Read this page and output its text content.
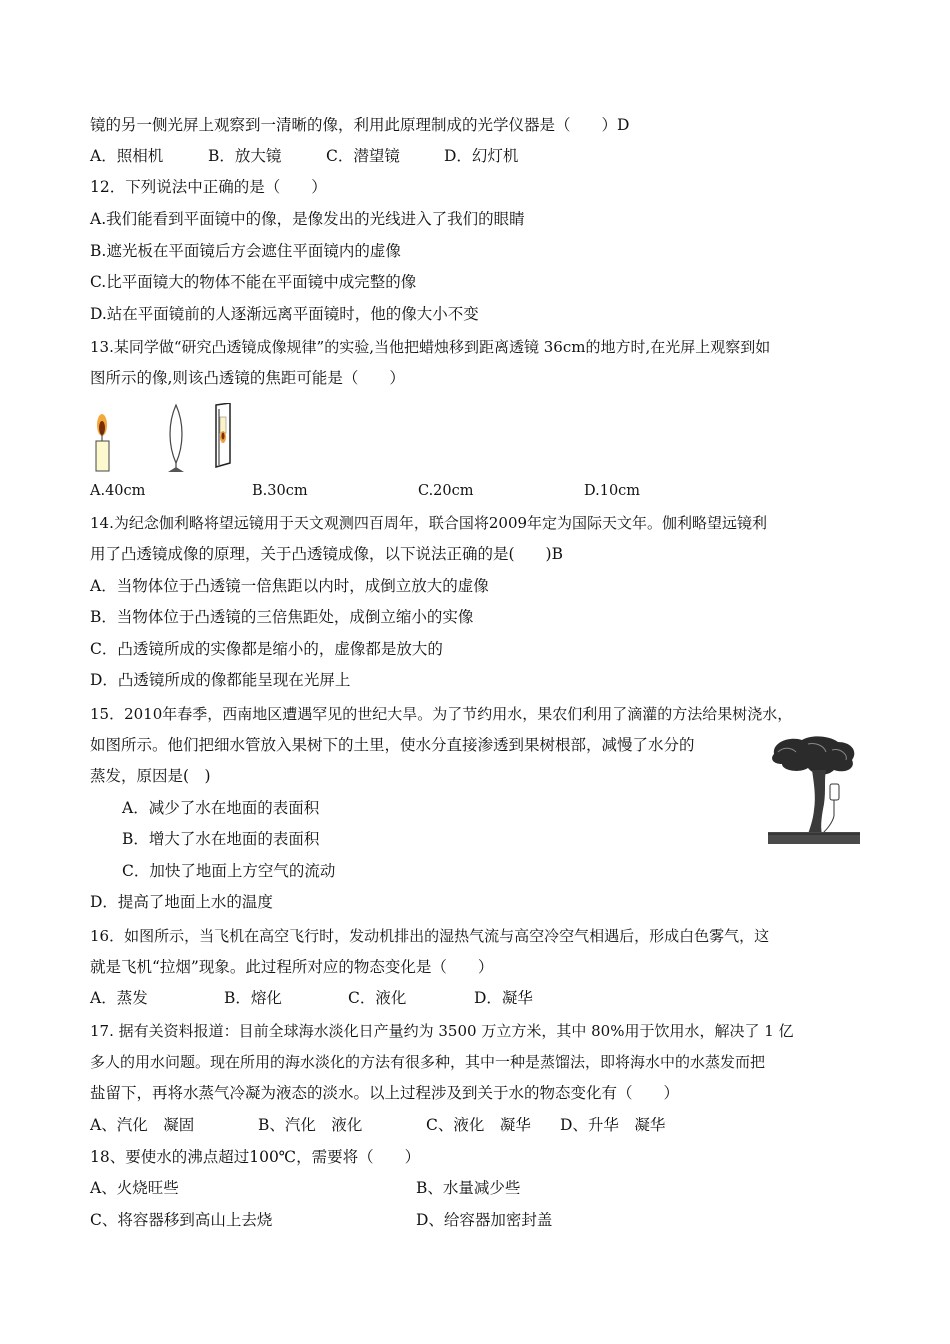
镜的另一侧光屏上观察到一清晰的像，利用此原理制成的光学仪器是（　　）D
A．照相机	B．放大镜	C．潜望镜	D．幻灯机
12．下列说法中正确的是（　　）
A.我们能看到平面镜中的像，是像发出的光线进入了我们的眼睛
B.遮光板在平面镜后方会遮住平面镜内的虚像
C.比平面镜大的物体不能在平面镜中成完整的像
D.站在平面镜前的人逐渐远离平面镜时，他的像大小不变
13.某同学做“研究凸透镜成像规律”的实验,当他把蜡烛移到距离透镜 36cm的地方时,在光屏上观察到如
图所示的像,则该凸透镜的焦距可能是（　　）
A.40cm	B.30cm	C.20cm	D.10cm
14.为纪念伽利略将望远镜用于天文观测四百周年，联合国将2009年定为国际天文年。伽利略望远镜利
用了凸透镜成像的原理，关于凸透镜成像，以下说法正确的是(　　)B
A．当物体位于凸透镜一倍焦距以内时，成倒立放大的虚像
B．当物体位于凸透镜的三倍焦距处，成倒立缩小的实像
C．凸透镜所成的实像都是缩小的，虚像都是放大的
D．凸透镜所成的像都能呈现在光屏上
15．2010年春季，西南地区遭遇罕见的世纪大旱。为了节约用水，果农们利用了滴灌的方法给果树浇水，
如图所示。他们把细水管放入果树下的土里，使水分直接渗透到果树根部，减慢了水分的
蒸发，原因是(　)
A．减少了水在地面的表面积
B．增大了水在地面的表面积
C．加快了地面上方空气的流动
D．提高了地面上水的温度
16．如图所示，当飞机在高空飞行时，发动机排出的湿热气流与高空冷空气相遇后，形成白色雾气，这
就是飞机“拉烟”现象。此过程所对应的物态变化是（　　）
A．蒸发	B．熔化	C．液化	D．凝华
17. 据有关资料报道：目前全球海水淡化日产量约为 3500 万立方米，其中 80%用于饮用水，解决了 1 亿
多人的用水问题。现在所用的海水淡化的方法有很多种，其中一种是蒸馏法，即将海水中的水蒸发而把
盐留下，再将水蒸气冷凝为液态的淡水。以上过程涉及到关于水的物态变化有（　　）
A、汽化　凝固	B、汽化　液化	C、液化　凝华 D、升华　凝华
18、要使水的沸点超过100℃，需要将（　　）
A、火烧旺些	B、水量减少些
C、将容器移到高山上去烧	D、给容器加密封盖
